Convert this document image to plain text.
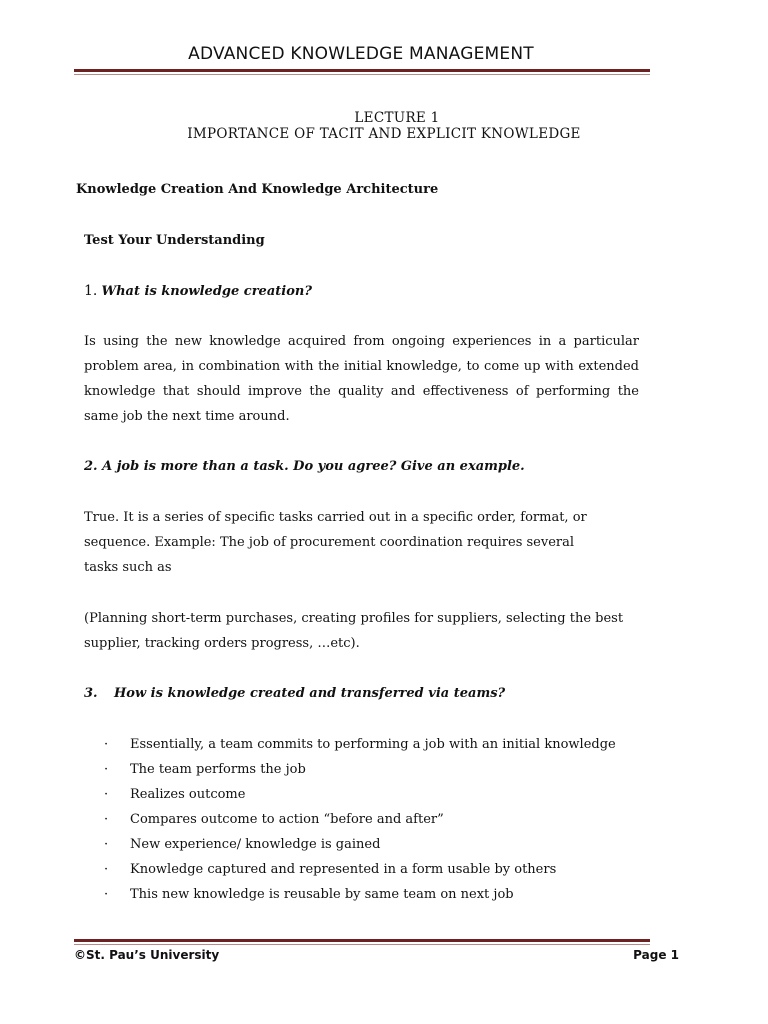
ADVANCED KNOWLEDGE MANAGEMENT
LECTURE 1
IMPORTANCE OF TACIT AND EXPLICIT KNOWLEDGE
Knowledge Creation And Knowledge Architecture
Test Your Understanding
1. What is knowledge creation?
Is using the new knowledge acquired from ongoing experiences in a particular problem area, in combination with the initial knowledge, to come up with extended knowledge that should improve the quality and effectiveness of performing the same job the next time around.
2. A job is more than a task. Do you agree? Give an example.
True. It is a series of specific tasks carried out in a specific order, format, or
sequence. Example: The job of procurement coordination requires several
tasks such as
(Planning short-term purchases, creating profiles for suppliers, selecting the best
supplier, tracking orders progress, …etc).
3. How is knowledge created and transferred via teams?
· Essentially, a team commits to performing a job with an initial knowledge
· The team performs the job
· Realizes outcome
· Compares outcome to action “before and after”
· New experience/ knowledge is gained
· Knowledge captured and represented in a form usable by others
· This new knowledge is reusable by same team on next job
©St. Pau’s University	Page 1
